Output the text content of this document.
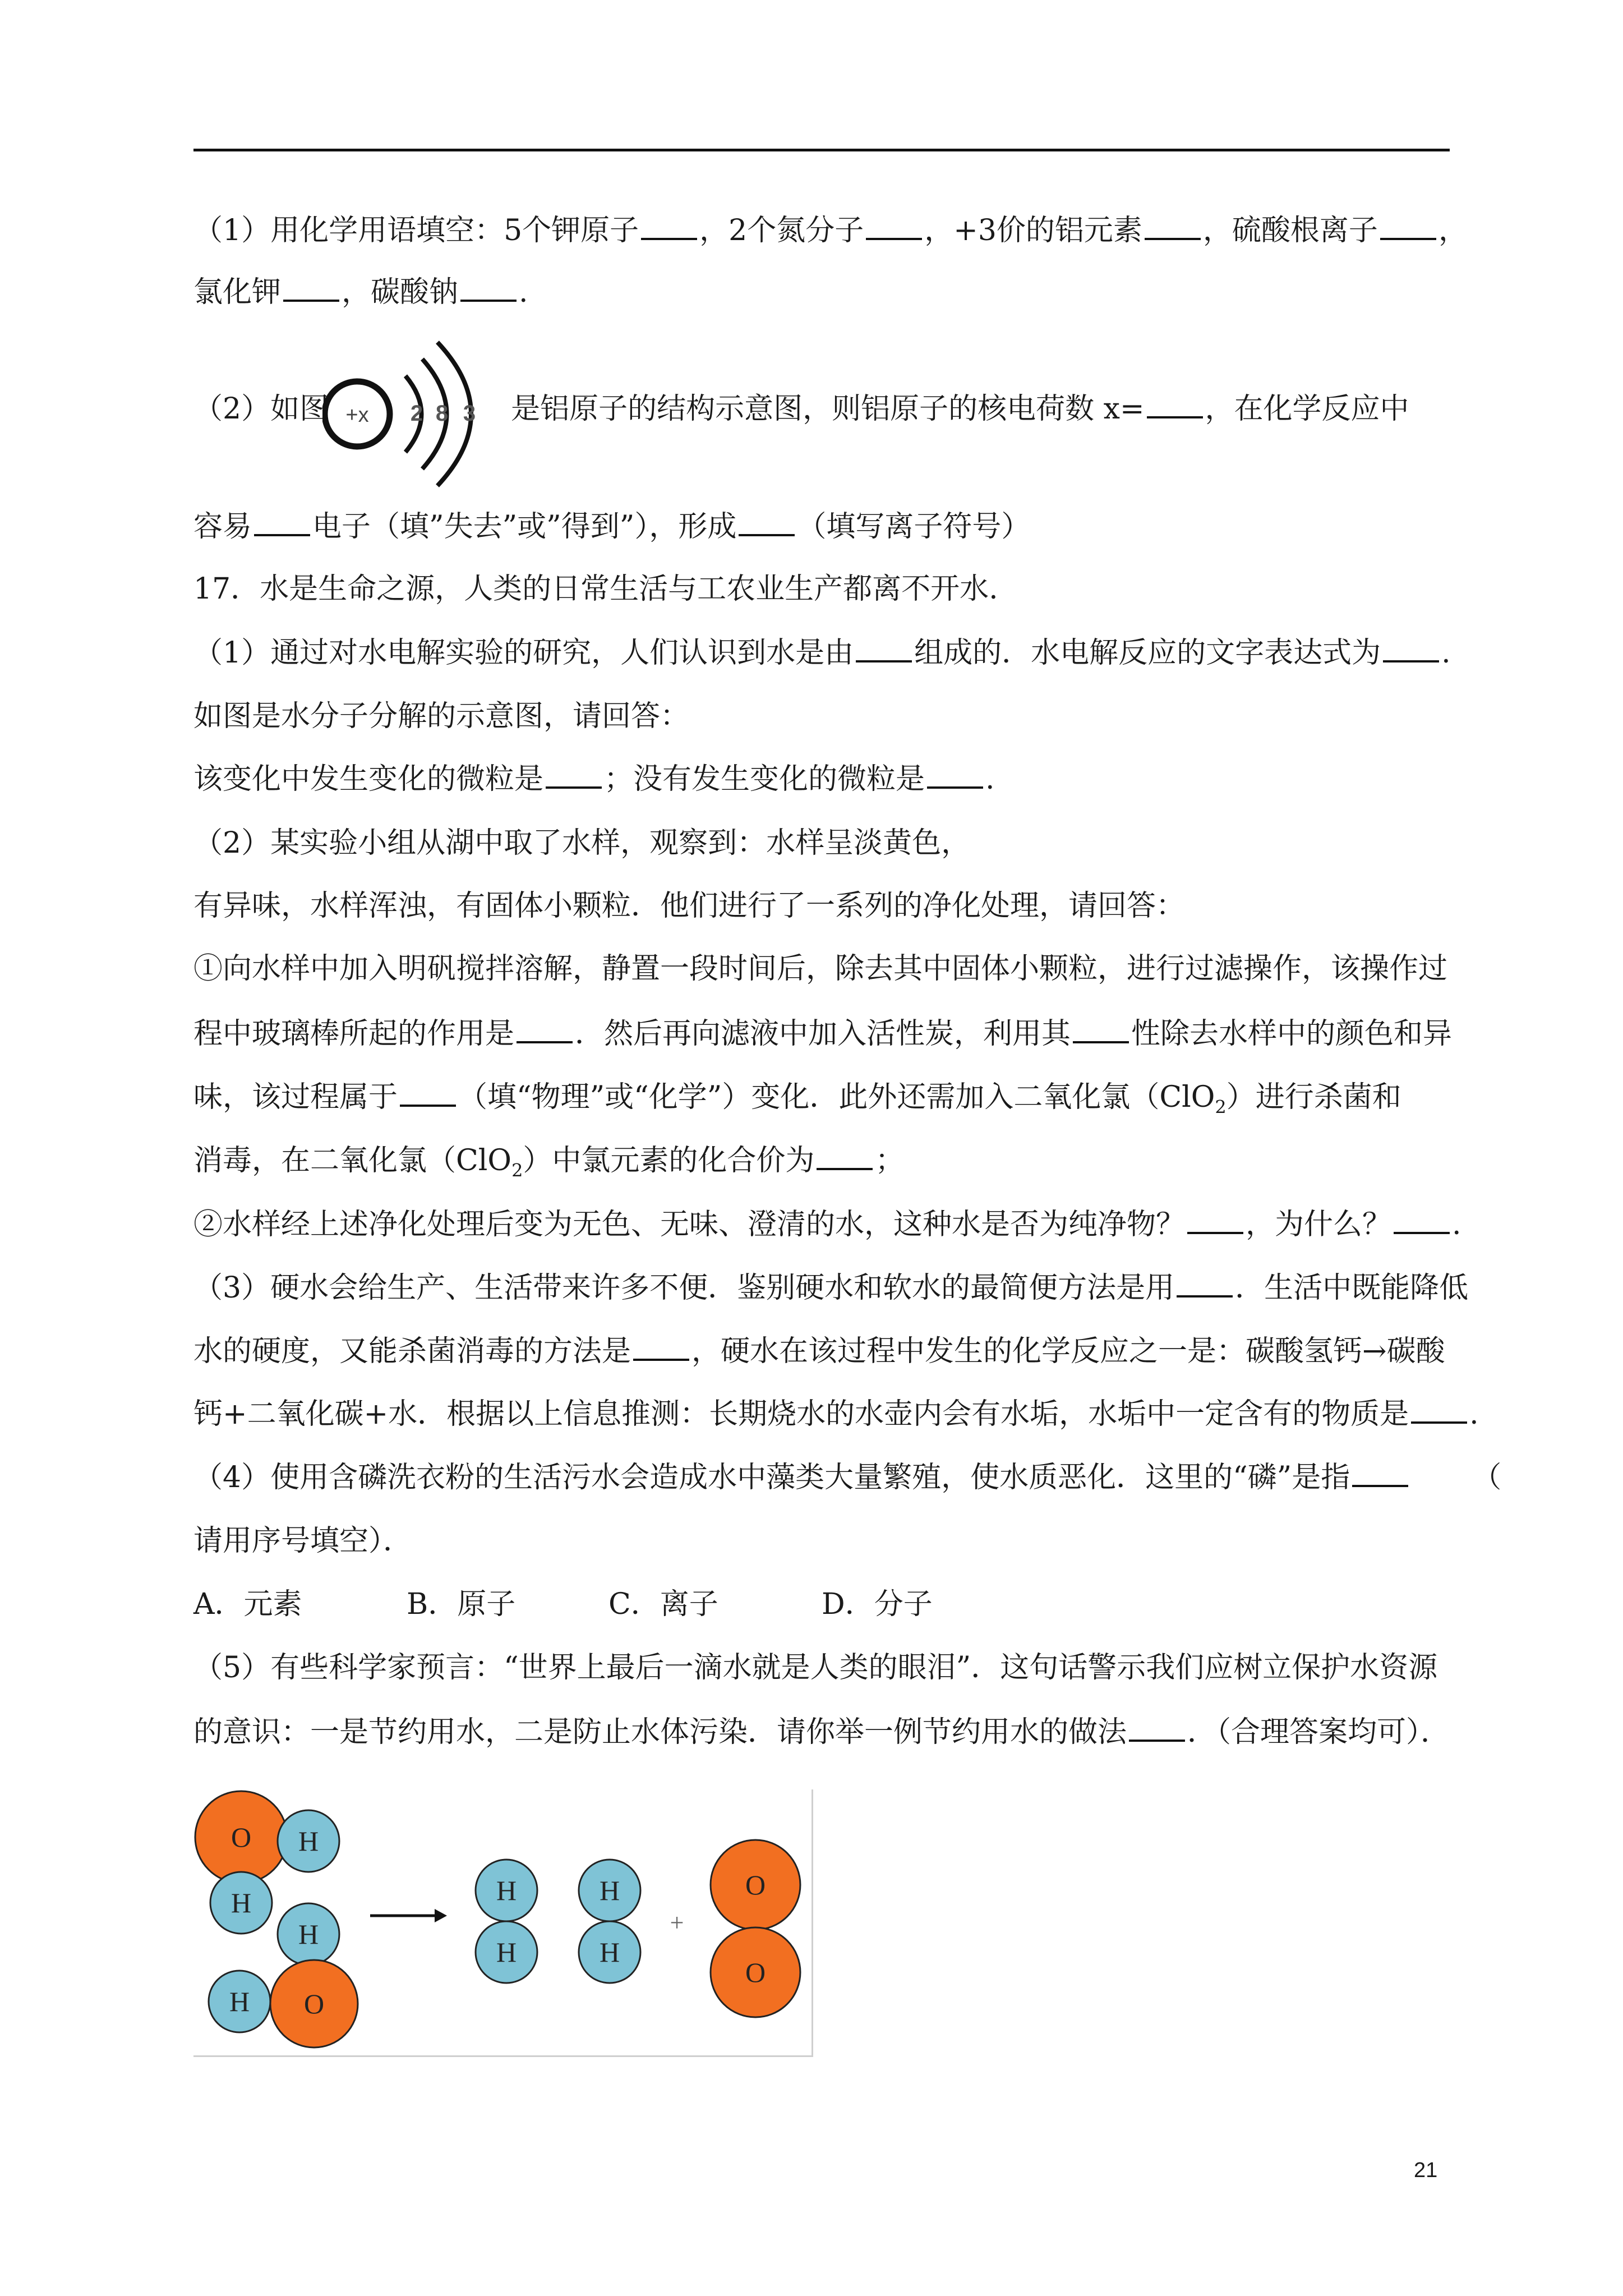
（1）用化学用语填空：5个钾原子 ，2个氮分子 ，+3价的铝元素 ，硫酸根离子 ，
氯化钾 ，碳酸钠 .
（2）如图	是铝原子的结构示意图，则铝原子的核电荷数 x= ，在化学反应中
+x 2 8 3
容易 电子（填”失去”或”得到”），形成 （填写离子符号）
17．水是生命之源，人类的日常生活与工农业生产都离不开水.
（1）通过对水电解实验的研究，人们认识到水是由 组成的．水电解反应的文字表达式为 .
如图是水分子分解的示意图，请回答：
该变化中发生变化的微粒是 ；没有发生变化的微粒是 .
（2）某实验小组从湖中取了水样，观察到：水样呈淡黄色，
有异味，水样浑浊，有固体小颗粒．他们进行了一系列的净化处理，请回答：
①向水样中加入明矾搅拌溶解，静置一段时间后，除去其中固体小颗粒，进行过滤操作，该操作过
程中玻璃棒所起的作用是 ．然后再向滤液中加入活性炭，利用其 性除去水样中的颜色和异
味，该过程属于 （填“物理”或“化学”）变化．此外还需加入二氧化氯（ClO$_2$）进行杀菌和
消毒，在二氧化氯（ClO$_2$）中氯元素的化合价为 ；
②水样经上述净化处理后变为无色、无味、澄清的水，这种水是否为纯净物？ ，为什么？ .
（3）硬水会给生产、生活带来许多不便．鉴别硬水和软水的最简便方法是用 ．生活中既能降低
水的硬度，又能杀菌消毒的方法是 ，硬水在该过程中发生的化学反应之一是：碳酸氢钙→碳酸
钙+二氧化碳+水．根据以上信息推测：长期烧水的水壶内会有水垢，水垢中一定含有的物质是 .
（4）使用含磷洗衣粉的生活污水会造成水中藻类大量繁殖，使水质恶化．这里的“磷”是指	（
请用序号填空）．
A．元素	B．原子	C．离子	D．分子
（5）有些科学家预言：“世界上最后一滴水就是人类的眼泪”．这句话警示我们应树立保护水资源
的意识：一是节约用水，二是防止水体污染．请你举一例节约用水的做法 ．（合理答案均可）．
O H
H
H
H O
H
H
H
H
O
O
+
21
